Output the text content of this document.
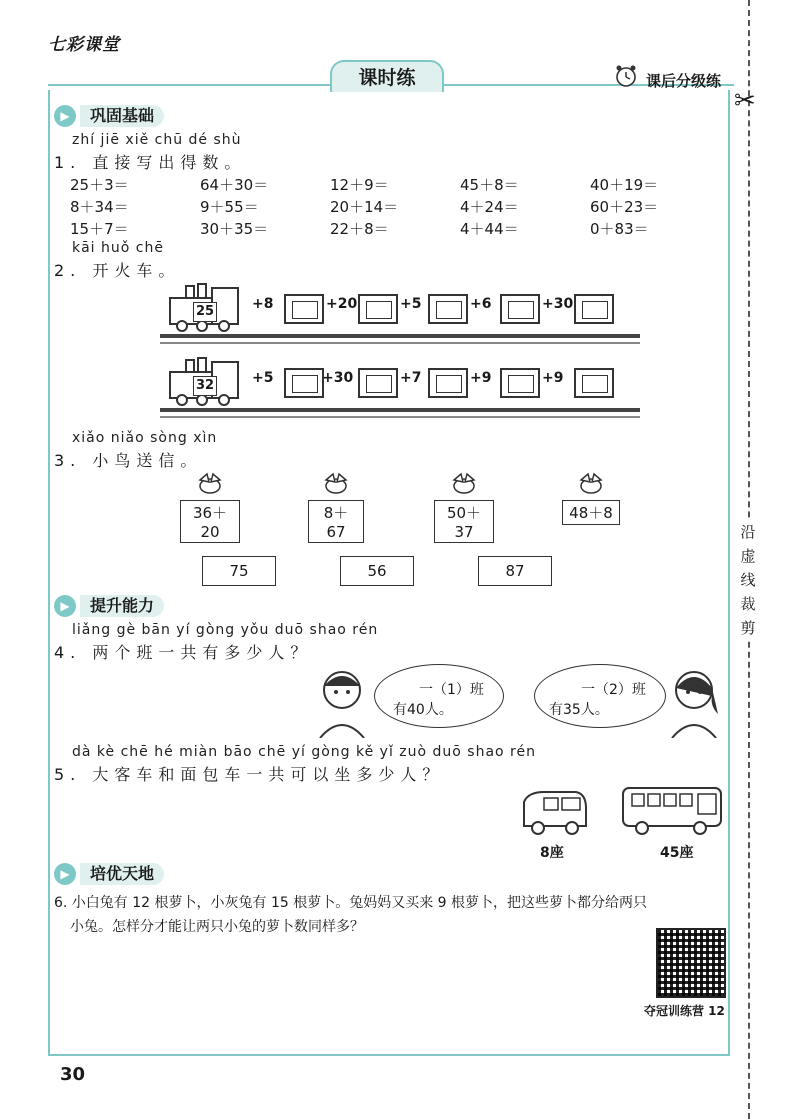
七彩课堂
课时练	课后分级练
✂
沿虚线裁剪
▶	巩固基础
zhí jiē xiě chū dé shù
1. 直接写出得数。
25＋3＝	64＋30＝	12＋9＝	45＋8＝	40＋19＝
8＋34＝	9＋55＝	20＋14＝	4＋24＝	60＋23＝
15＋7＝	30＋35＝	22＋8＝	4＋44＝	0＋83＝
kāi huǒ chē
2. 开火车。
25	+8	+20	+5	+6	+30
32	+5	+30	+7	+9	+9
xiǎo niǎo sòng xìn
3. 小鸟送信。
36＋20
8＋67
50＋37
48＋8
75	56	87
▶	提升能力
liǎng gè bān yí gòng yǒu duō shao rén
4. 两个班一共有多少人？
一（1）班
有40人。
一（2）班
有35人。
dà kè chē hé miàn bāo chē yí gòng kě yǐ zuò duō shao rén
5. 大客车和面包车一共可以坐多少人？
8座	45座
▶	培优天地
6. 小白兔有 12 根萝卜，小灰兔有 15 根萝卜。兔妈妈又买来 9 根萝卜，把这些萝卜都分给两只
小兔。怎样分才能让两只小兔的萝卜数同样多？
夺冠训练营 12
30
